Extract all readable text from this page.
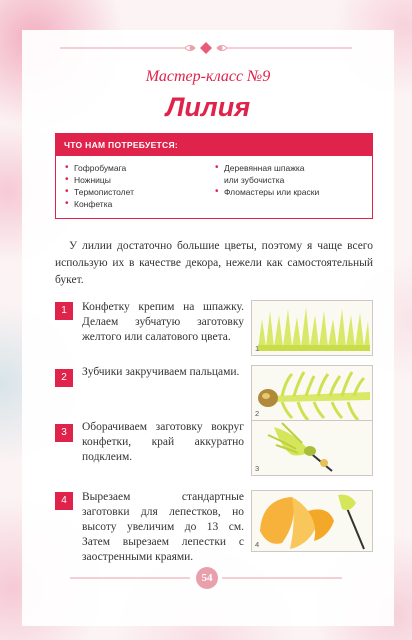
Мастер-класс №9
Лилия
ЧТО НАМ ПОТРЕБУЕТСЯ:
• Гофробумага
• Ножницы
• Термопистолет
• Конфетка
• Деревянная шпажка
или зубочистка
• Фломастеры или краски

У лилии достаточно большие цветы, поэтому я чаще всего использую их в качестве декора, нежели как самостоятельный букет.

1	Конфетку крепим на шпажку. Делаем зубчатую заготовку желтого или салатового цвета.
1
2	Зубчики закручиваем пальцами.
2
3	Оборачиваем заготовку вокруг конфетки, край аккуратно подклеим.
3
4	Вырезаем стандартные заготовки для лепестков, но высоту увеличим до 13 см. Затем вырезаем лепестки с заостренными краями.
4
54
